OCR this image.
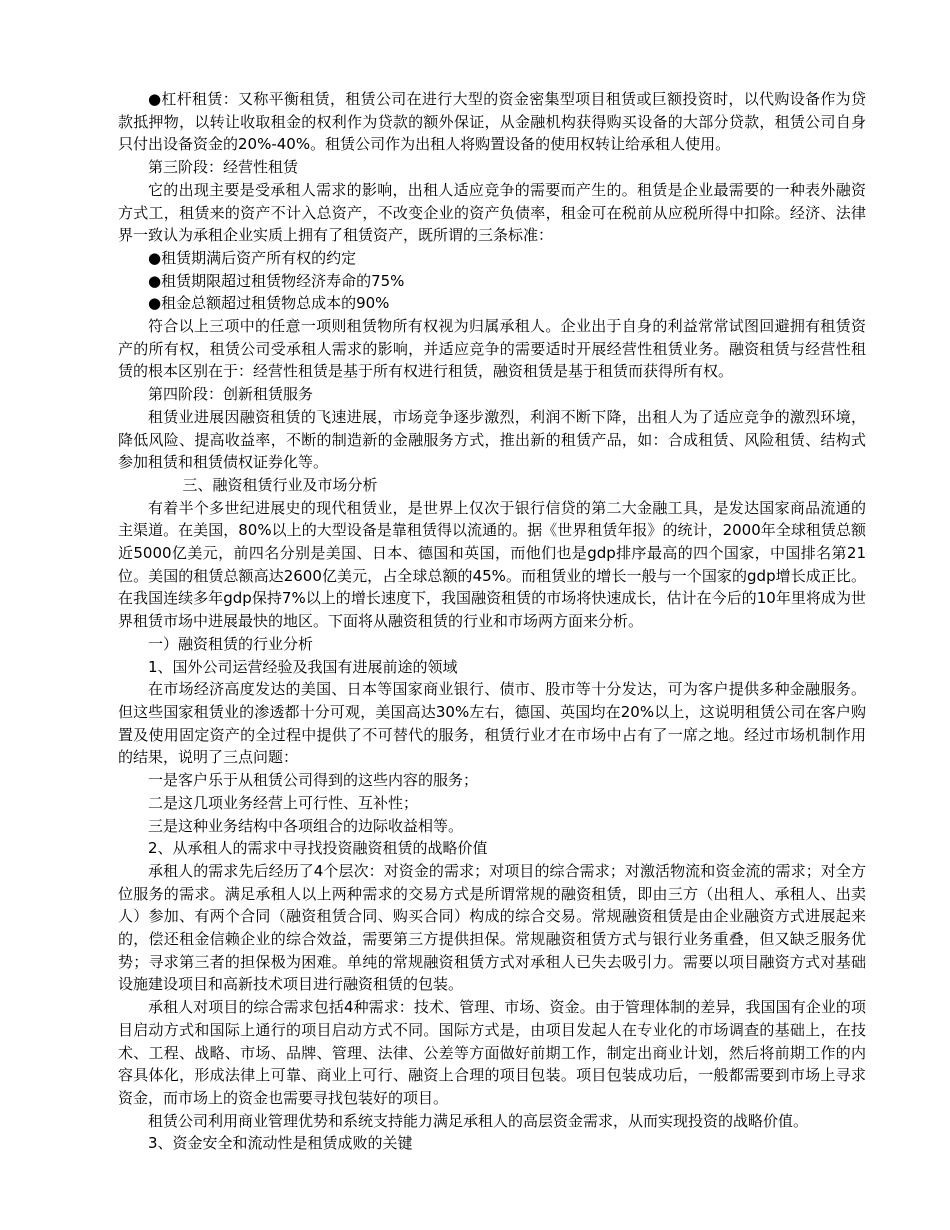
●杠杆租赁：又称平衡租赁，租赁公司在进行大型的资金密集型项目租赁或巨额投资时，以代购设备作为贷款抵押物，以转让收取租金的权利作为贷款的额外保证，从金融机构获得购买设备的大部分贷款，租赁公司自身只付出设备资金的20%-40%。租赁公司作为出租人将购置设备的使用权转让给承租人使用。

第三阶段：经营性租赁

它的出现主要是受承租人需求的影响，出租人适应竞争的需要而产生的。租赁是企业最需要的一种表外融资方式工，租赁来的资产不计入总资产，不改变企业的资产负债率，租金可在税前从应税所得中扣除。经济、法律界一致认为承租企业实质上拥有了租赁资产，既所谓的三条标准：

●租赁期满后资产所有权的约定

●租赁期限超过租赁物经济寿命的75%

●租金总额超过租赁物总成本的90%

符合以上三项中的任意一项则租赁物所有权视为归属承租人。企业出于自身的利益常常试图回避拥有租赁资产的所有权，租赁公司受承租人需求的影响，并适应竞争的需要适时开展经营性租赁业务。融资租赁与经营性租赁的根本区别在于：经营性租赁是基于所有权进行租赁，融资租赁是基于租赁而获得所有权。

第四阶段：创新租赁服务

租赁业进展因融资租赁的飞速进展，市场竞争逐步激烈，利润不断下降，出租人为了适应竞争的激烈环境，降低风险、提高收益率，不断的制造新的金融服务方式，推出新的租赁产品，如：合成租赁、风险租赁、结构式参加租赁和租赁债权证券化等。

三、融资租赁行业及市场分析

有着半个多世纪进展史的现代租赁业，是世界上仅次于银行信贷的第二大金融工具，是发达国家商品流通的主渠道。在美国，80%以上的大型设备是靠租赁得以流通的。据《世界租赁年报》的统计，2000年全球租赁总额近5000亿美元，前四名分别是美国、日本、德国和英国，而他们也是gdp排序最高的四个国家，中国排名第21位。美国的租赁总额高达2600亿美元，占全球总额的45%。而租赁业的增长一般与一个国家的gdp增长成正比。在我国连续多年gdp保持7%以上的增长速度下，我国融资租赁的市场将快速成长，估计在今后的10年里将成为世界租赁市场中进展最快的地区。下面将从融资租赁的行业和市场两方面来分析。

一）融资租赁的行业分析

1、国外公司运营经验及我国有进展前途的领域

在市场经济高度发达的美国、日本等国家商业银行、债市、股市等十分发达，可为客户提供多种金融服务。但这些国家租赁业的渗透都十分可观，美国高达30%左右，德国、英国均在20%以上，这说明租赁公司在客户购置及使用固定资产的全过程中提供了不可替代的服务，租赁行业才在市场中占有了一席之地。经过市场机制作用的结果，说明了三点问题：

一是客户乐于从租赁公司得到的这些内容的服务；

二是这几项业务经营上可行性、互补性；

三是这种业务结构中各项组合的边际收益相等。

2、从承租人的需求中寻找投资融资租赁的战略价值

承租人的需求先后经历了4个层次：对资金的需求；对项目的综合需求；对激活物流和资金流的需求；对全方位服务的需求。满足承租人以上两种需求的交易方式是所谓常规的融资租赁，即由三方（出租人、承租人、出卖人）参加、有两个合同（融资租赁合同、购买合同）构成的综合交易。常规融资租赁是由企业融资方式进展起来的，偿还租金信赖企业的综合效益，需要第三方提供担保。常规融资租赁方式与银行业务重叠，但又缺乏服务优势；寻求第三者的担保极为困难。单纯的常规融资租赁方式对承租人已失去吸引力。需要以项目融资方式对基础设施建设项目和高新技术项目进行融资租赁的包装。

承租人对项目的综合需求包括4种需求：技术、管理、市场、资金。由于管理体制的差异，我国国有企业的项目启动方式和国际上通行的项目启动方式不同。国际方式是，由项目发起人在专业化的市场调查的基础上，在技术、工程、战略、市场、品牌、管理、法律、公差等方面做好前期工作，制定出商业计划，然后将前期工作的内容具体化，形成法律上可靠、商业上可行、融资上合理的项目包装。项目包装成功后，一般都需要到市场上寻求资金，而市场上的资金也需要寻找包装好的项目。

租赁公司利用商业管理优势和系统支持能力满足承租人的高层资金需求，从而实现投资的战略价值。

3、资金安全和流动性是租赁成败的关键
